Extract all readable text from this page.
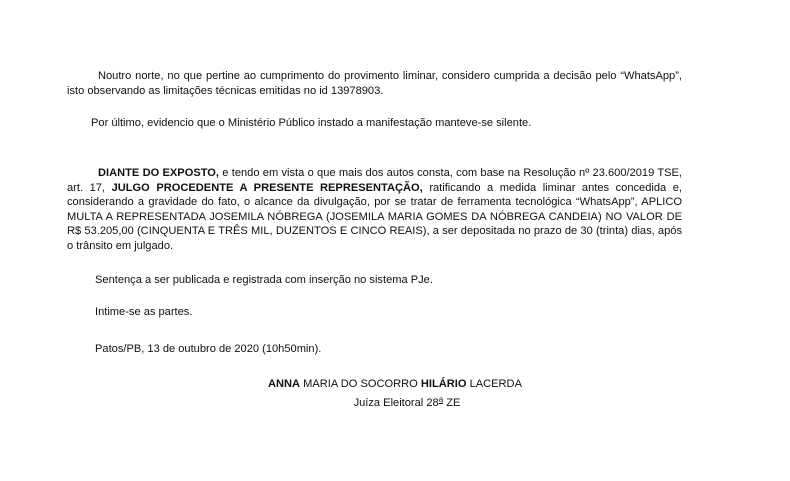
Noutro norte, no que pertine ao cumprimento do provimento liminar, considero cumprida a decisão pelo “WhatsApp”, isto observando as limitações técnicas emitidas no id 13978903.

Por último, evidencio que o Ministério Público instado a manifestação manteve-se silente.

DIANTE DO EXPOSTO, e tendo em vista o que mais dos autos consta, com base na Resolução nº 23.600/2019 TSE, art. 17, JULGO PROCEDENTE A PRESENTE REPRESENTAÇÃO, ratificando a medida liminar antes concedida e, considerando a gravidade do fato, o alcance da divulgação, por se tratar de ferramenta tecnológica “WhatsApp”, APLICO MULTA A REPRESENTADA JOSEMILA NÓBREGA (JOSEMILA MARIA GOMES DA NÓBREGA CANDEIA) NO VALOR DE R$ 53.205,00 (CINQUENTA E TRÊS MIL, DUZENTOS E CINCO REAIS), a ser depositada no prazo de 30 (trinta) dias, após o trânsito em julgado.

Sentença a ser publicada e registrada com inserção no sistema PJe.

Intime-se as partes.

Patos/PB, 13 de outubro de 2020 (10h50min).

ANNA MARIA DO SOCORRO HILÁRIO LACERDA
Juíza Eleitoral 28$^a$ ZE
